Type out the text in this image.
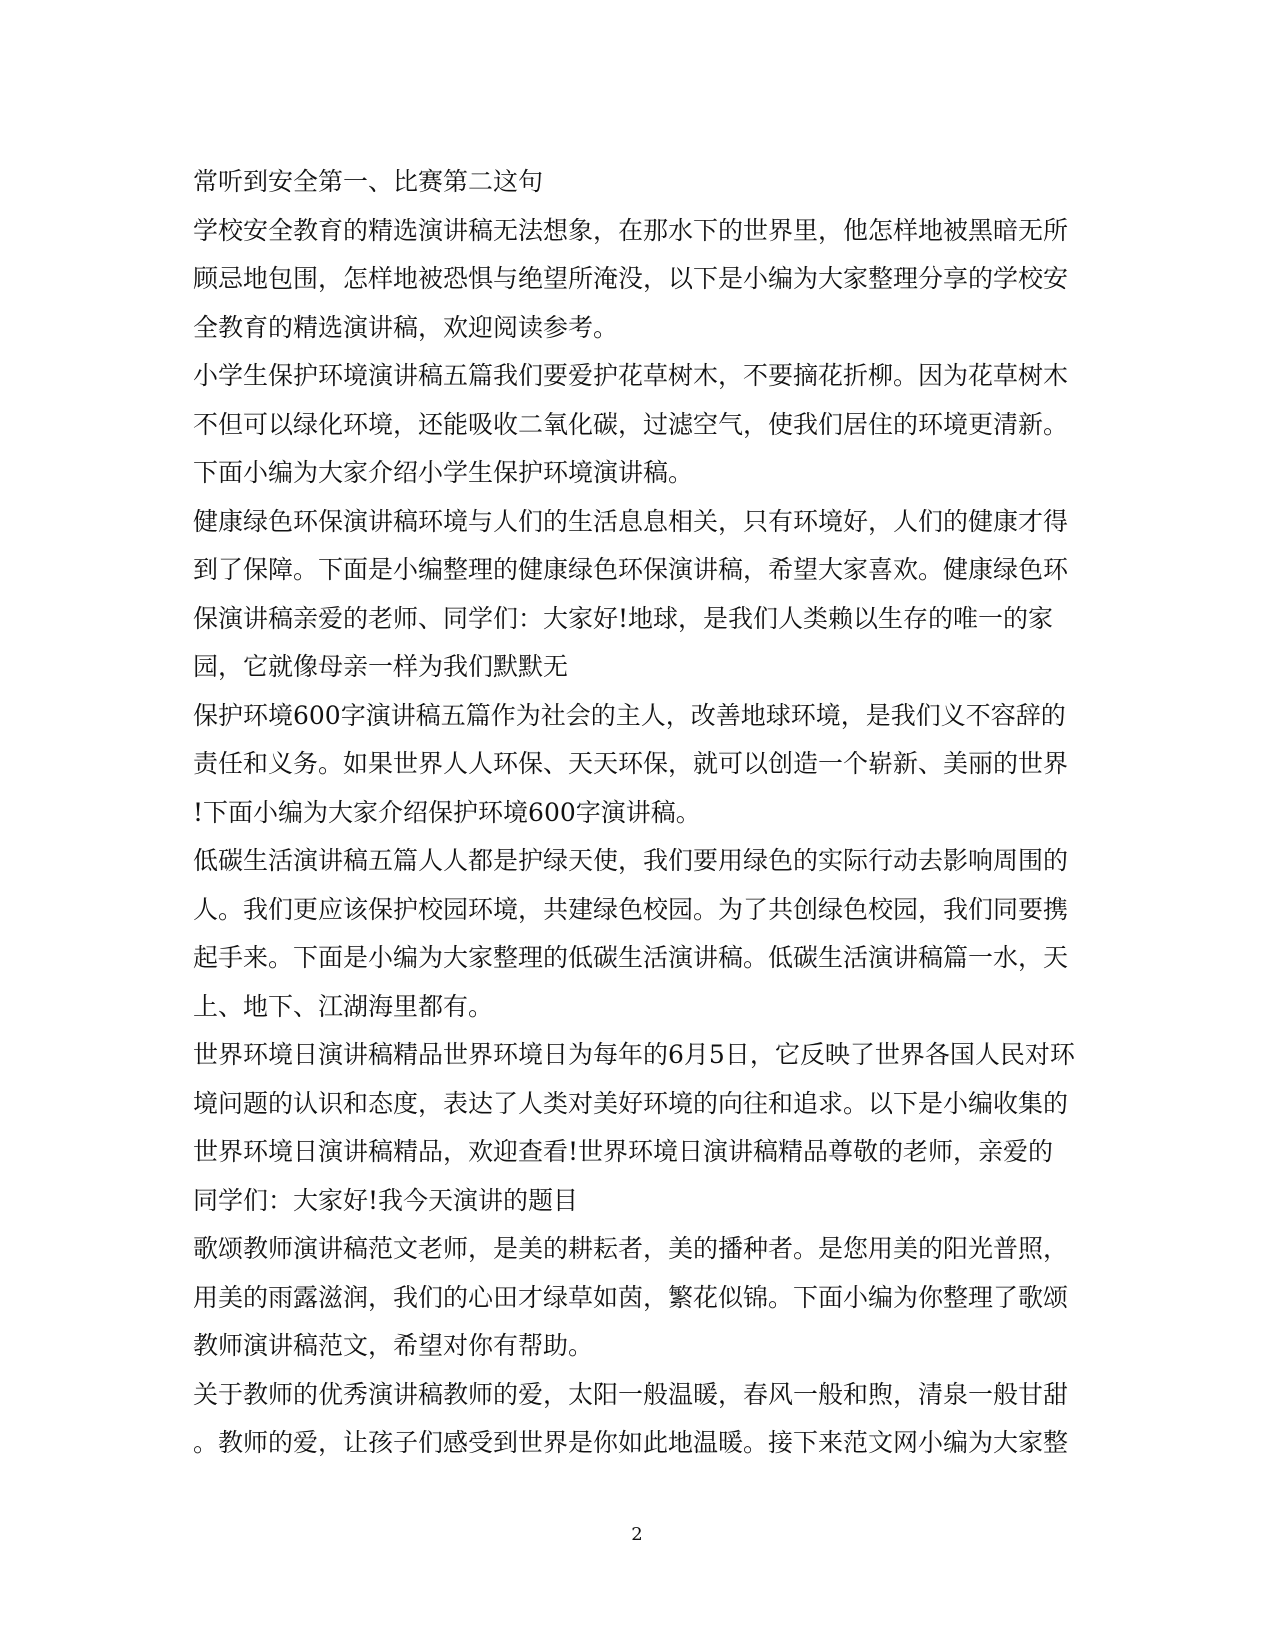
常听到安全第一、比赛第二这句
学校安全教育的精选演讲稿无法想象，在那水下的世界里，他怎样地被黑暗无所
顾忌地包围，怎样地被恐惧与绝望所淹没，以下是小编为大家整理分享的学校安
全教育的精选演讲稿，欢迎阅读参考。
小学生保护环境演讲稿五篇我们要爱护花草树木，不要摘花折柳。因为花草树木
不但可以绿化环境，还能吸收二氧化碳，过滤空气，使我们居住的环境更清新。
下面小编为大家介绍小学生保护环境演讲稿。
健康绿色环保演讲稿环境与人们的生活息息相关，只有环境好，人们的健康才得
到了保障。下面是小编整理的健康绿色环保演讲稿，希望大家喜欢。健康绿色环
保演讲稿亲爱的老师、同学们：大家好!地球，是我们人类赖以生存的唯一的家
园，它就像母亲一样为我们默默无
保护环境600字演讲稿五篇作为社会的主人，改善地球环境，是我们义不容辞的
责任和义务。如果世界人人环保、天天环保，就可以创造一个崭新、美丽的世界
!下面小编为大家介绍保护环境600字演讲稿。
低碳生活演讲稿五篇人人都是护绿天使，我们要用绿色的实际行动去影响周围的
人。我们更应该保护校园环境，共建绿色校园。为了共创绿色校园，我们同要携
起手来。下面是小编为大家整理的低碳生活演讲稿。低碳生活演讲稿篇一水，天
上、地下、江湖海里都有。
世界环境日演讲稿精品世界环境日为每年的6月5日，它反映了世界各国人民对环
境问题的认识和态度，表达了人类对美好环境的向往和追求。以下是小编收集的
世界环境日演讲稿精品，欢迎查看!世界环境日演讲稿精品尊敬的老师，亲爱的
同学们：大家好!我今天演讲的题目
歌颂教师演讲稿范文老师，是美的耕耘者，美的播种者。是您用美的阳光普照，
用美的雨露滋润，我们的心田才绿草如茵，繁花似锦。下面小编为你整理了歌颂
教师演讲稿范文，希望对你有帮助。
关于教师的优秀演讲稿教师的爱，太阳一般温暖，春风一般和煦，清泉一般甘甜
。教师的爱，让孩子们感受到世界是你如此地温暖。接下来范文网小编为大家整
2
